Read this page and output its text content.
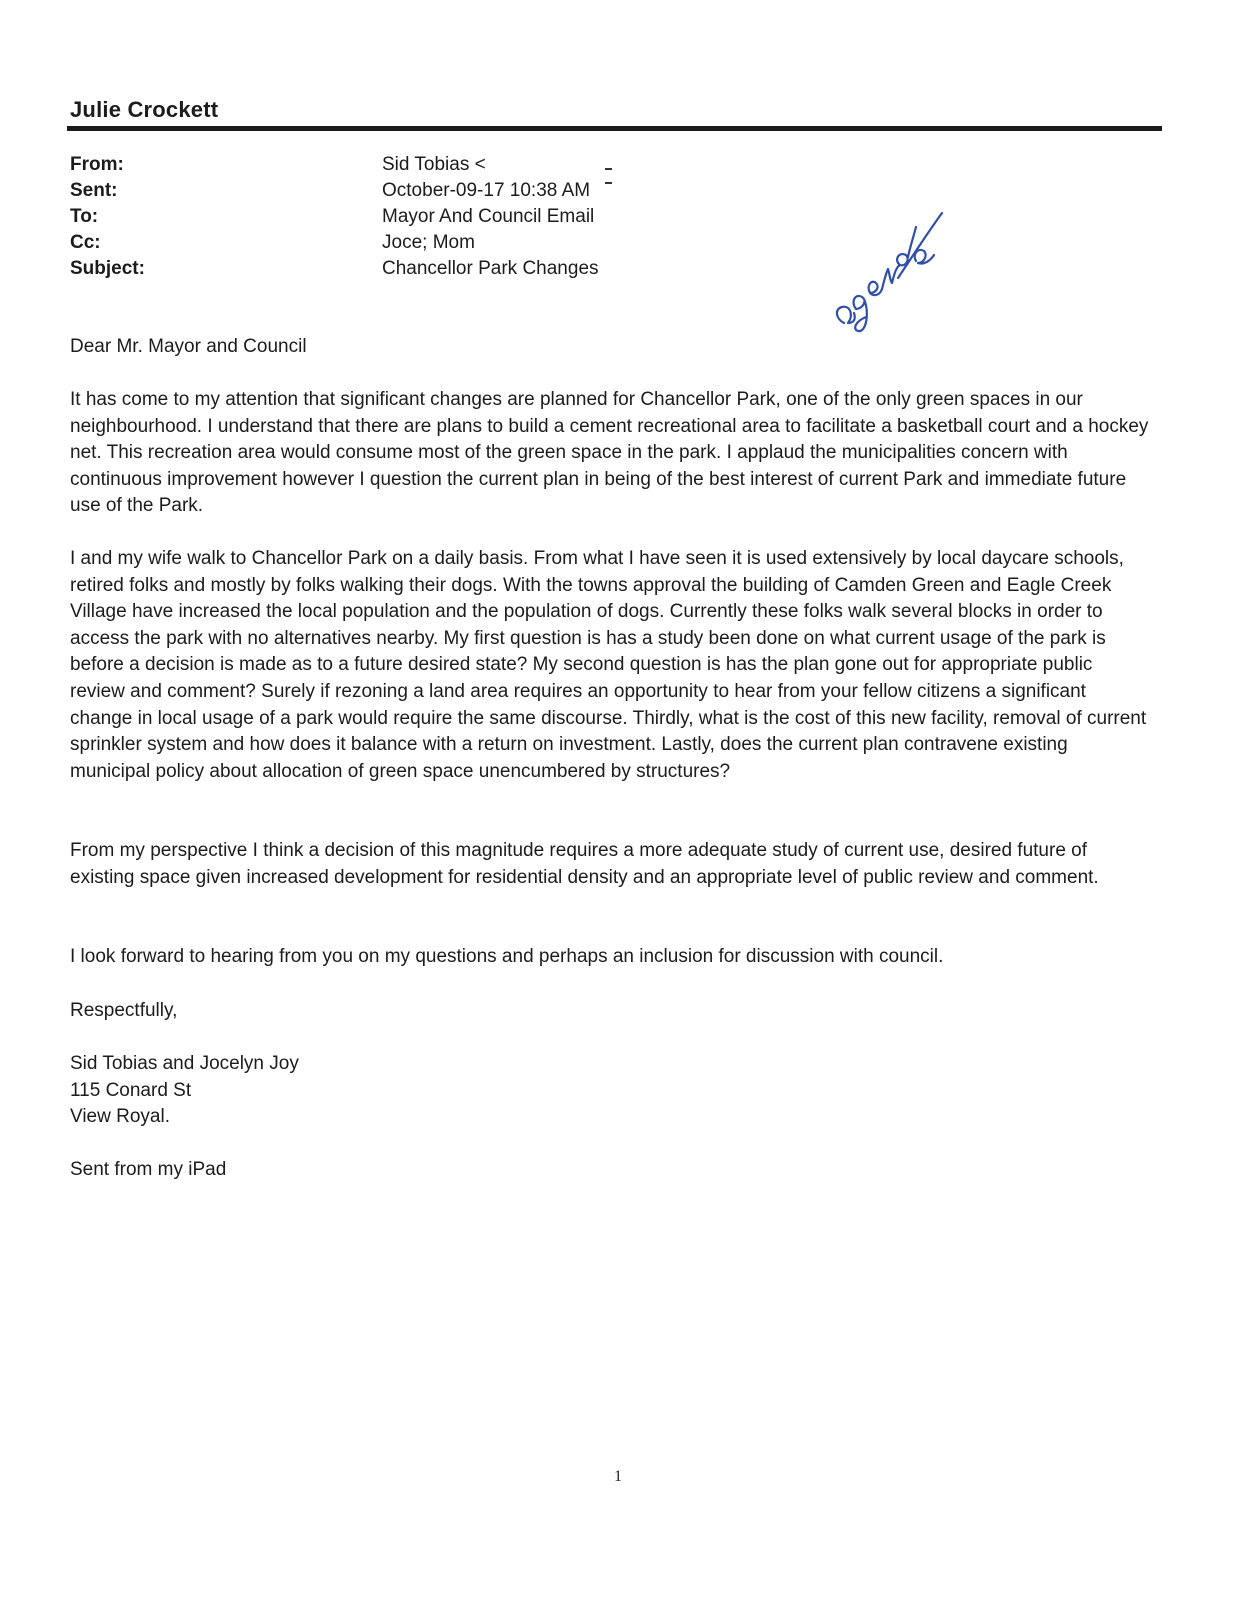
Julie Crockett
From:	Sid Tobias <
Sent:	October-09-17 10:38 AM
To:	Mayor And Council Email
Cc:	Joce; Mom
Subject:	Chancellor Park Changes
agenda

Dear Mr. Mayor and Council

It has come to my attention that significant changes are planned for Chancellor Park, one of the only green spaces in our neighbourhood. I understand that there are plans to build a cement recreational area to facilitate a basketball court and a hockey net. This recreation area would consume most of the green space in the park. I applaud the municipalities concern with continuous improvement however I question the current plan in being of the best interest of current Park and immediate future use of the Park.

I and my wife walk to Chancellor Park on a daily basis. From what I have seen it is used extensively by local daycare schools, retired folks and mostly by folks walking their dogs. With the towns approval the building of Camden Green and Eagle Creek Village have increased the local population and the population of dogs. Currently these folks walk several blocks in order to access the park with no alternatives nearby. My first question is has a study been done on what current usage of the park is before a decision is made as to a future desired state? My second question is has the plan gone out for appropriate public review and comment? Surely if rezoning a land area requires an opportunity to hear from your fellow citizens a significant change in local usage of a park would require the same discourse. Thirdly, what is the cost of this new facility, removal of current sprinkler system and how does it balance with a return on investment. Lastly, does the current plan contravene existing municipal policy about allocation of green space unencumbered by structures?

From my perspective I think a decision of this magnitude requires a more adequate study of current use, desired future of existing space given increased development for residential density and an appropriate level of public review and comment.

I look forward to hearing from you on my questions and perhaps an inclusion for discussion with council.

Respectfully,

Sid Tobias and Jocelyn Joy
115 Conard St
View Royal.
Sent from my iPad
1
